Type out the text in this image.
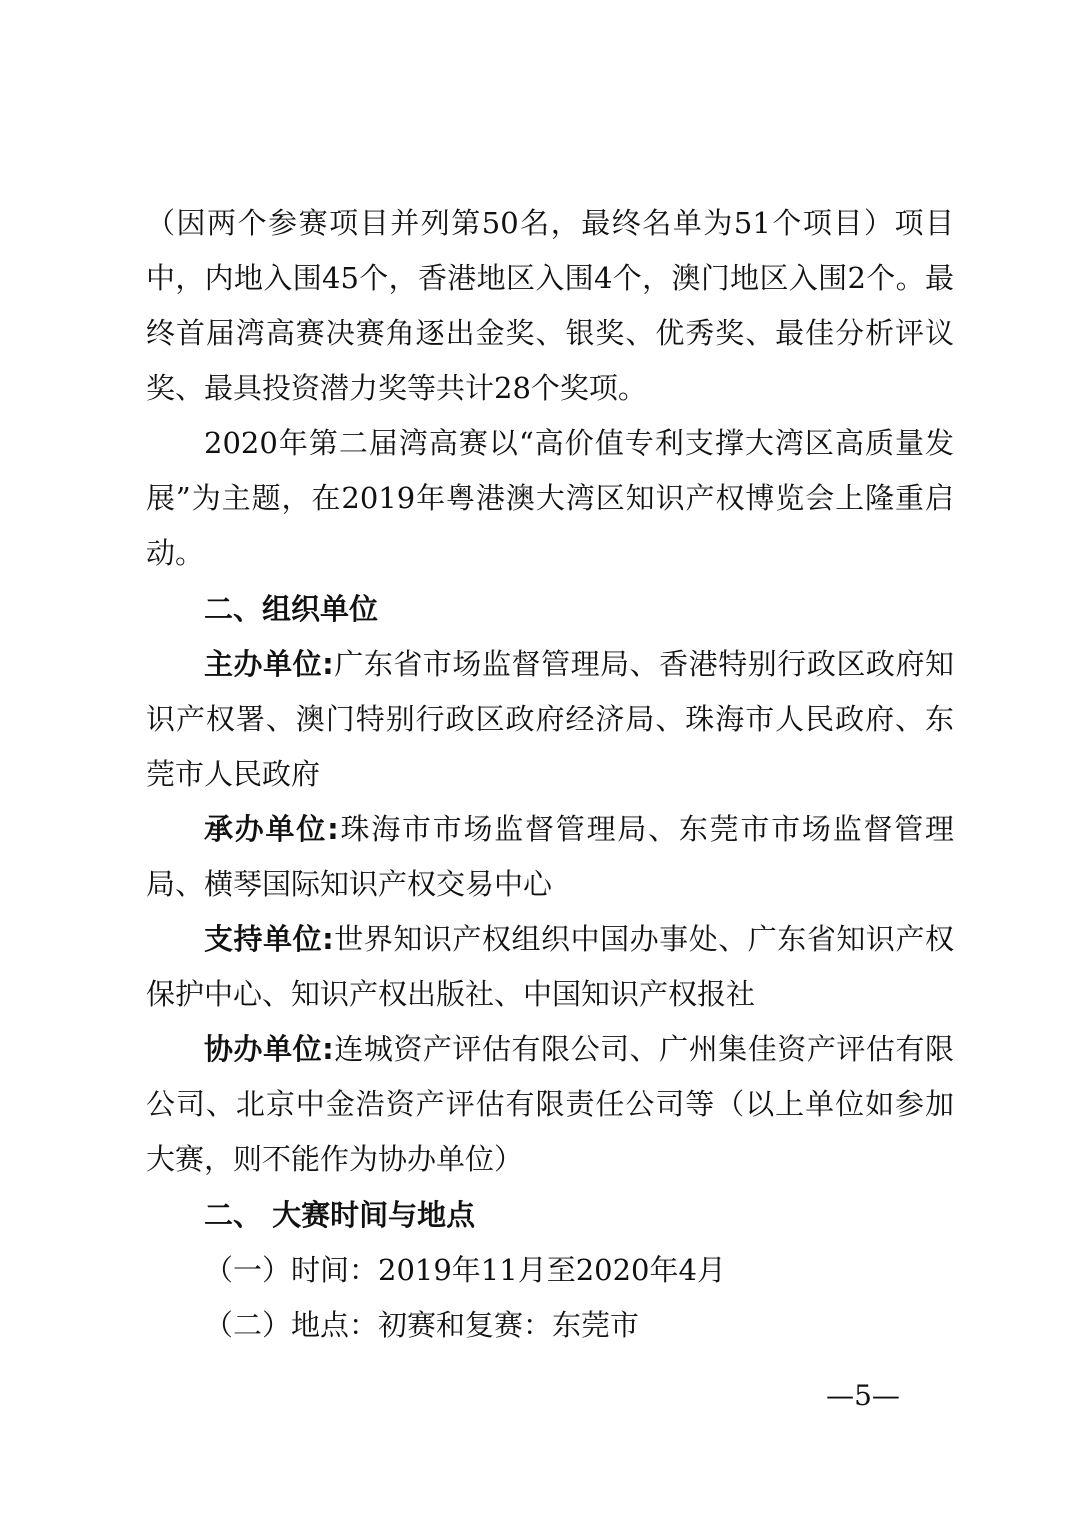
（因两个参赛项目并列第50名，最终名单为51个项目）项目中，内地入围45个，香港地区入围4个，澳门地区入围2个。最终首届湾高赛决赛角逐出金奖、银奖、优秀奖、最佳分析评议奖、最具投资潜力奖等共计28个奖项。

2020年第二届湾高赛以“高价值专利支撑大湾区高质量发展”为主题，在2019年粤港澳大湾区知识产权博览会上隆重启动。

二、组织单位

主办单位:广东省市场监督管理局、香港特别行政区政府知识产权署、澳门特别行政区政府经济局、珠海市人民政府、东莞市人民政府

承办单位:珠海市市场监督管理局、东莞市市场监督管理局、横琴国际知识产权交易中心

支持单位:世界知识产权组织中国办事处、广东省知识产权保护中心、知识产权出版社、中国知识产权报社

协办单位:连城资产评估有限公司、广州集佳资产评估有限公司、北京中金浩资产评估有限责任公司等（以上单位如参加大赛，则不能作为协办单位）

二、 大赛时间与地点

（一）时间：2019年11月至2020年4月

（二）地点：初赛和复赛：东莞市

—5—
